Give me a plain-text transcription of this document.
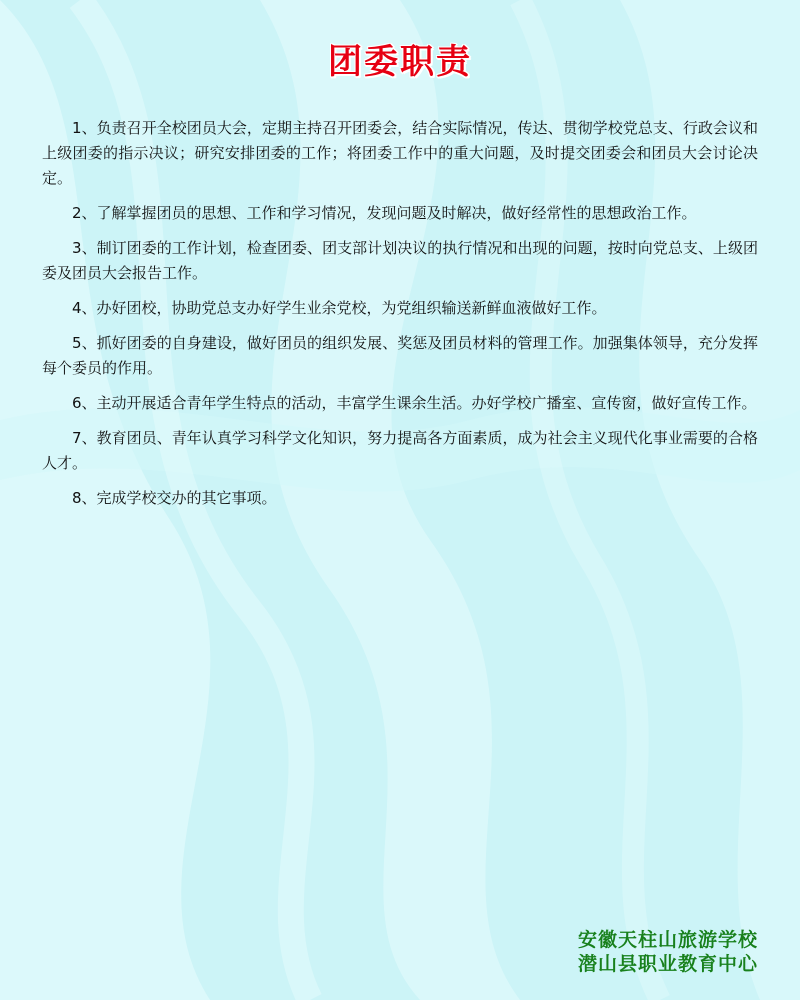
团委职责

1、负责召开全校团员大会，定期主持召开团委会，结合实际情况，传达、贯彻学校党总支、行政会议和上级团委的指示决议；研究安排团委的工作；将团委工作中的重大问题，及时提交团委会和团员大会讨论决定。

2、了解掌握团员的思想、工作和学习情况，发现问题及时解决，做好经常性的思想政治工作。

3、制订团委的工作计划，检查团委、团支部计划决议的执行情况和出现的问题，按时向党总支、上级团委及团员大会报告工作。

4、办好团校，协助党总支办好学生业余党校，为党组织输送新鲜血液做好工作。

5、抓好团委的自身建设，做好团员的组织发展、奖惩及团员材料的管理工作。加强集体领导，充分发挥每个委员的作用。

6、主动开展适合青年学生特点的活动，丰富学生课余生活。办好学校广播室、宣传窗，做好宣传工作。

7、教育团员、青年认真学习科学文化知识，努力提高各方面素质，成为社会主义现代化事业需要的合格人才。

8、完成学校交办的其它事项。

安徽天柱山旅游学校
潜山县职业教育中心
